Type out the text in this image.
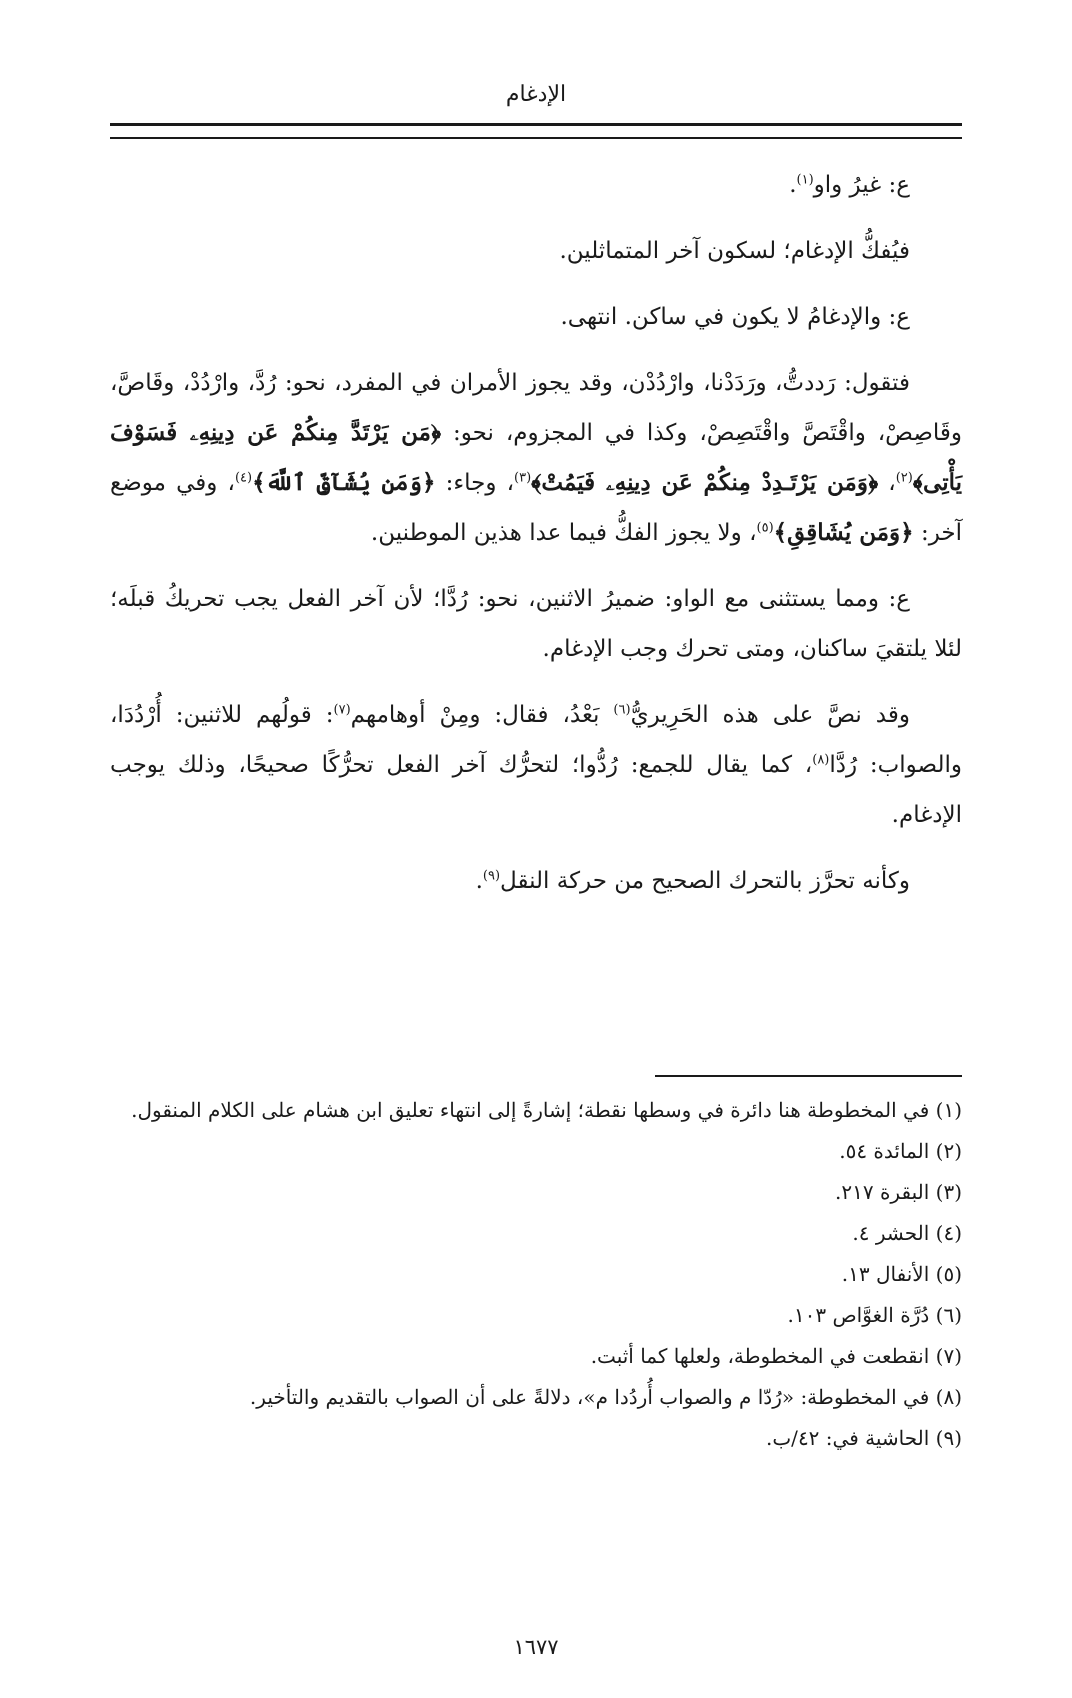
الإدغام

ع: غيرُ واو$^{(١)}$.

فيُفكُّ الإدغام؛ لسكون آخر المتماثلين.

ع: والإدغامُ لا يكون في ساكن. انتهى.

فتقول: رَددتُّ، ورَدَدْنا، وارْدُدْن، وقد يجوز الأمران في المفرد، نحو: رُدَّ، وارْدُدْ، وقَاصَّ، وقَاصِصْ، واقْتَصَّ واقْتَصِصْ، وكذا في المجزوم، نحو: ﴿مَن يَرْتَدَّ مِنكُمْ عَن دِينِهِۦ فَسَوْفَ يَأْتِى﴾$^{(٢)}$، ﴿وَمَن يَرْتَـدِدْ مِنكُمْ عَن دِينِهِۦ فَيَمُتْ﴾$^{(٣)}$، وجاء: ﴿وَمَن يُشَآقِّ ٱللَّهَ﴾$^{(٤)}$، وفي موضع آخر: ﴿وَمَن يُشَاقِقِ﴾$^{(٥)}$، ولا يجوز الفكُّ فيما عدا هذين الموطنين.

ع: ومما يستثنى مع الواو: ضميرُ الاثنين، نحو: رُدَّا؛ لأن آخر الفعل يجب تحريكُ قبلَه؛ لئلا يلتقيَ ساكنان، ومتى تحرك وجب الإدغام.

وقد نصَّ على هذه الحَرِيريُّ$^{(٦)}$ بَعْدُ، فقال: ومِنْ أوهامهم$^{(٧)}$: قولُهم للاثنين: أُرْدُدَا، والصواب: رُدَّا$^{(٨)}$، كما يقال للجمع: رُدُّوا؛ لتحرُّك آخر الفعل تحرُّكًا صحيحًا، وذلك يوجب الإدغام.

وكأنه تحرَّز بالتحرك الصحيح من حركة النقل$^{(٩)}$.

(١) في المخطوطة هنا دائرة في وسطها نقطة؛ إشارةً إلى انتهاء تعليق ابن هشام على الكلام المنقول.

(٢) المائدة ٥٤.

(٣) البقرة ٢١٧.

(٤) الحشر ٤.

(٥) الأنفال ١٣.

(٦) دُرَّة الغوَّاص ١٠٣.

(٧) انقطعت في المخطوطة، ولعلها كما أثبت.

(٨) في المخطوطة: «رُدّا م والصواب أُردُدا م»، دلالةً على أن الصواب بالتقديم والتأخير.

(٩) الحاشية في: ٤٢/ب.

١٦٧٧
